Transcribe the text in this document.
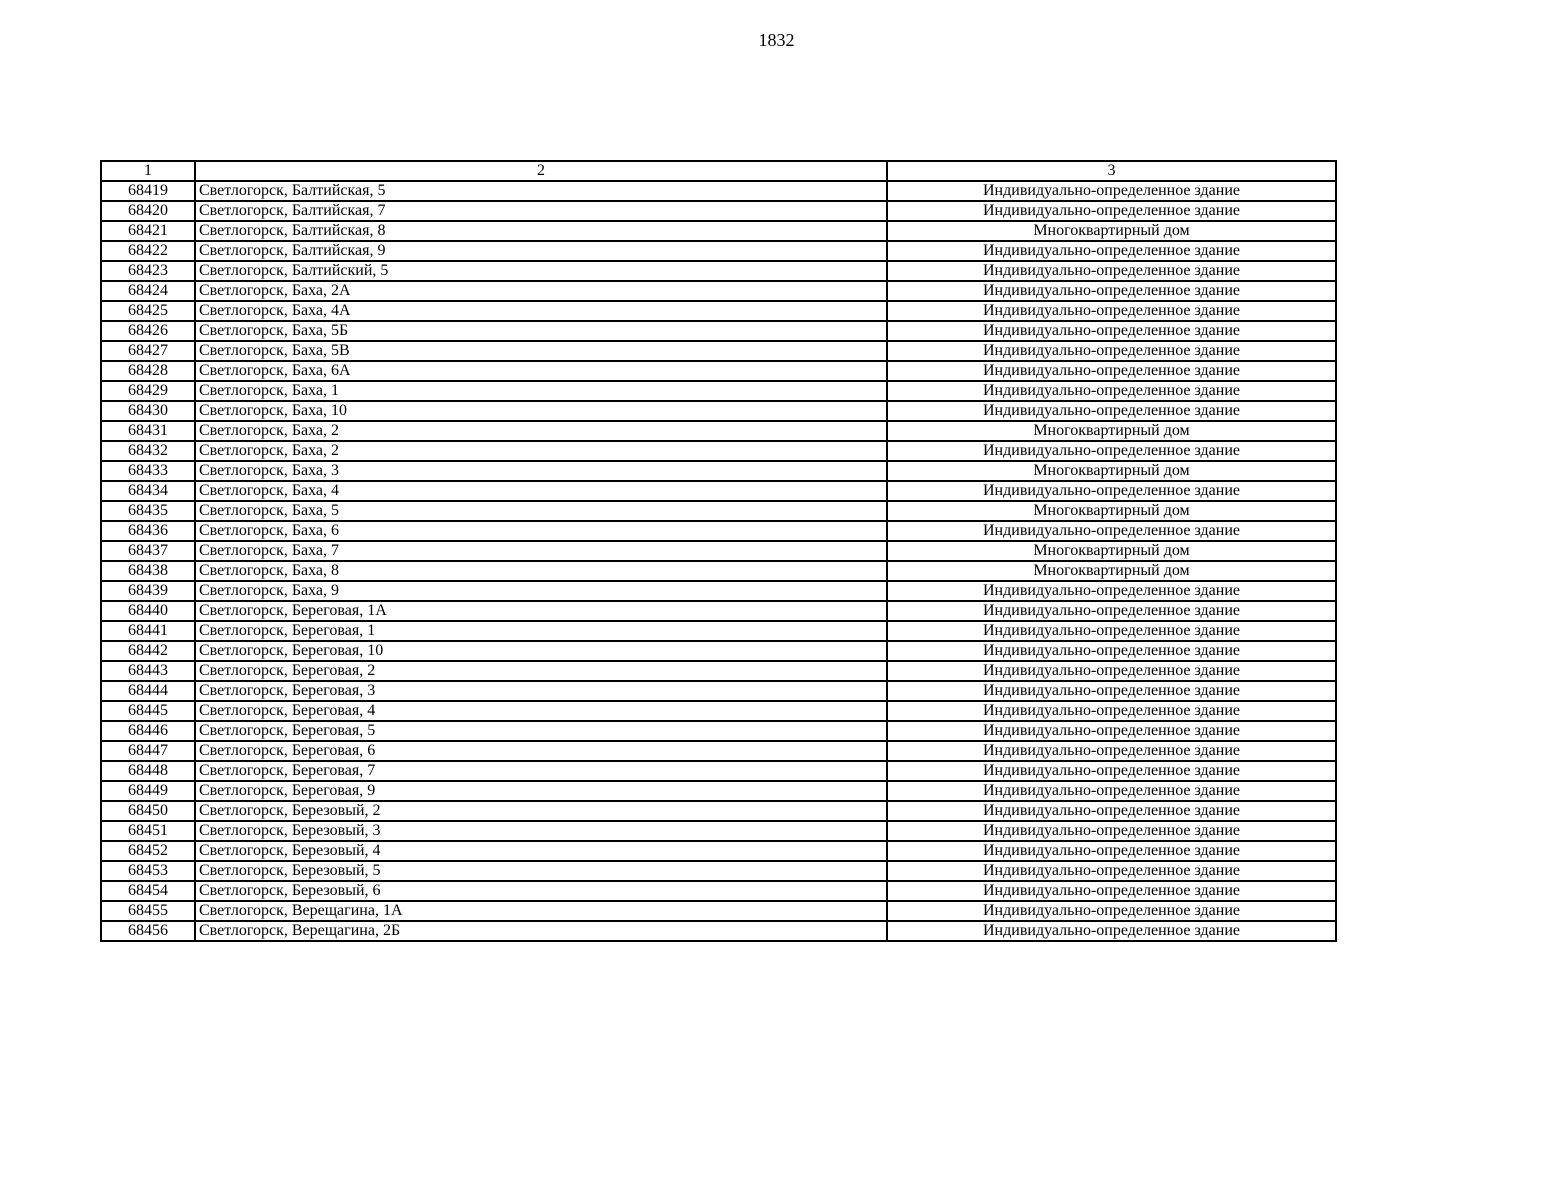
1832
1	2	3
68419	Светлогорск, Балтийская, 5	Индивидуально-определенное здание
68420	Светлогорск, Балтийская, 7	Индивидуально-определенное здание
68421	Светлогорск, Балтийская, 8	Многоквартирный дом
68422	Светлогорск, Балтийская, 9	Индивидуально-определенное здание
68423	Светлогорск, Балтийский, 5	Индивидуально-определенное здание
68424	Светлогорск, Баха, 2А	Индивидуально-определенное здание
68425	Светлогорск, Баха, 4А	Индивидуально-определенное здание
68426	Светлогорск, Баха, 5Б	Индивидуально-определенное здание
68427	Светлогорск, Баха, 5В	Индивидуально-определенное здание
68428	Светлогорск, Баха, 6А	Индивидуально-определенное здание
68429	Светлогорск, Баха, 1	Индивидуально-определенное здание
68430	Светлогорск, Баха, 10	Индивидуально-определенное здание
68431	Светлогорск, Баха, 2	Многоквартирный дом
68432	Светлогорск, Баха, 2	Индивидуально-определенное здание
68433	Светлогорск, Баха, 3	Многоквартирный дом
68434	Светлогорск, Баха, 4	Индивидуально-определенное здание
68435	Светлогорск, Баха, 5	Многоквартирный дом
68436	Светлогорск, Баха, 6	Индивидуально-определенное здание
68437	Светлогорск, Баха, 7	Многоквартирный дом
68438	Светлогорск, Баха, 8	Многоквартирный дом
68439	Светлогорск, Баха, 9	Индивидуально-определенное здание
68440	Светлогорск, Береговая, 1А	Индивидуально-определенное здание
68441	Светлогорск, Береговая, 1	Индивидуально-определенное здание
68442	Светлогорск, Береговая, 10	Индивидуально-определенное здание
68443	Светлогорск, Береговая, 2	Индивидуально-определенное здание
68444	Светлогорск, Береговая, 3	Индивидуально-определенное здание
68445	Светлогорск, Береговая, 4	Индивидуально-определенное здание
68446	Светлогорск, Береговая, 5	Индивидуально-определенное здание
68447	Светлогорск, Береговая, 6	Индивидуально-определенное здание
68448	Светлогорск, Береговая, 7	Индивидуально-определенное здание
68449	Светлогорск, Береговая, 9	Индивидуально-определенное здание
68450	Светлогорск, Березовый, 2	Индивидуально-определенное здание
68451	Светлогорск, Березовый, 3	Индивидуально-определенное здание
68452	Светлогорск, Березовый, 4	Индивидуально-определенное здание
68453	Светлогорск, Березовый, 5	Индивидуально-определенное здание
68454	Светлогорск, Березовый, 6	Индивидуально-определенное здание
68455	Светлогорск, Верещагина, 1А	Индивидуально-определенное здание
68456	Светлогорск, Верещагина, 2Б	Индивидуально-определенное здание
